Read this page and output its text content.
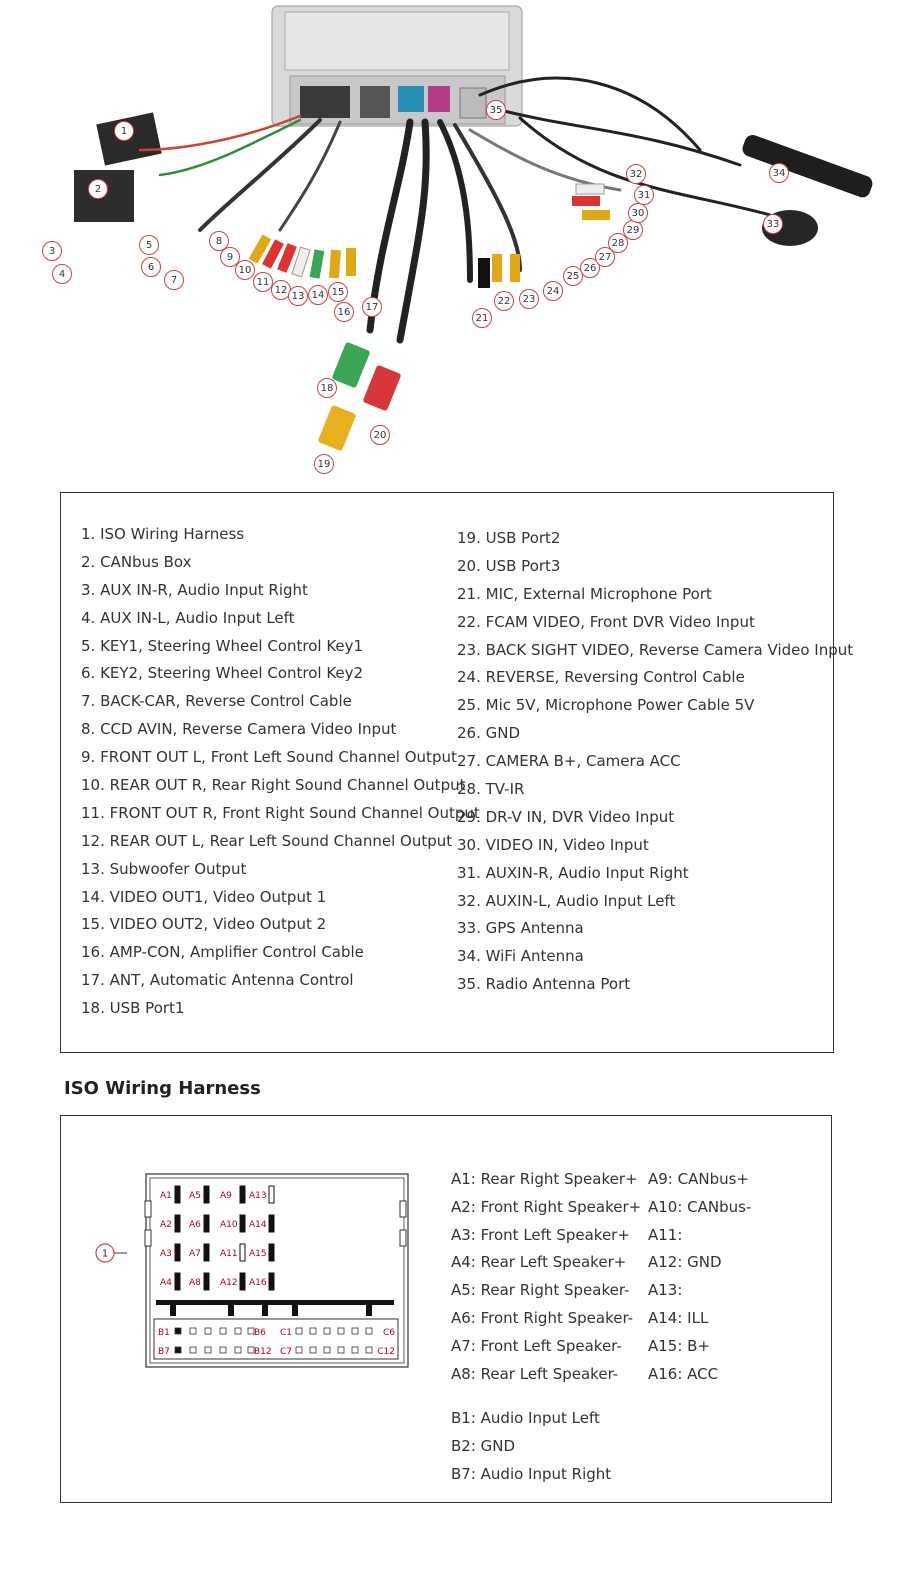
1
2
3
4
5
6
7
8
9
10
11
12
13 14 15
16	17
18
19
20
21
22	23
24
25
26
27
28
29
30
31
32
33
34
35
1. ISO Wiring Harness
2. CANbus Box
3. AUX IN-R, Audio Input Right
4. AUX IN-L, Audio Input Left
5. KEY1, Steering Wheel Control Key1
6. KEY2, Steering Wheel Control Key2
7. BACK-CAR, Reverse Control Cable
8. CCD AVIN, Reverse Camera Video Input
9. FRONT OUT L, Front Left Sound Channel Output
10. REAR OUT R, Rear Right Sound Channel Output
11. FRONT OUT R, Front Right Sound Channel Output
12. REAR OUT L, Rear Left Sound Channel Output
13. Subwoofer Output
14. VIDEO OUT1, Video Output 1
15. VIDEO OUT2, Video Output 2
16. AMP-CON, Amplifier Control Cable
17. ANT, Automatic Antenna Control
18. USB Port1
19. USB Port2
20. USB Port3
21. MIC, External Microphone Port
22. FCAM VIDEO, Front DVR Video Input
23. BACK SIGHT VIDEO, Reverse Camera Video Input
24. REVERSE, Reversing Control Cable
25. Mic 5V, Microphone Power Cable 5V
26. GND
27. CAMERA B+, Camera ACC
28. TV-IR
29. DR-V IN, DVR Video Input
30. VIDEO IN, Video Input
31. AUXIN-R, Audio Input Right
32. AUXIN-L, Audio Input Left
33. GPS Antenna
34. WiFi Antenna
35. Radio Antenna Port
ISO Wiring Harness
1
A1
A2
A3
A4
A5
A6
A7
A8
A9
A10
A11
A12
A13
A14
A15
A16
B1	B6 C1	C6
B7	B12 C7	C12
A1: Rear Right Speaker+
A2: Front Right Speaker+
A3: Front Left Speaker+
A4: Rear Left Speaker+
A5: Rear Right Speaker-
A6: Front Right Speaker-
A7: Front Left Speaker-
A8: Rear Left Speaker-
A9: CANbus+
A10: CANbus-
A11:
A12: GND
A13:
A14: ILL
A15: B+
A16: ACC
B1: Audio Input Left
B2: GND
B7: Audio Input Right
